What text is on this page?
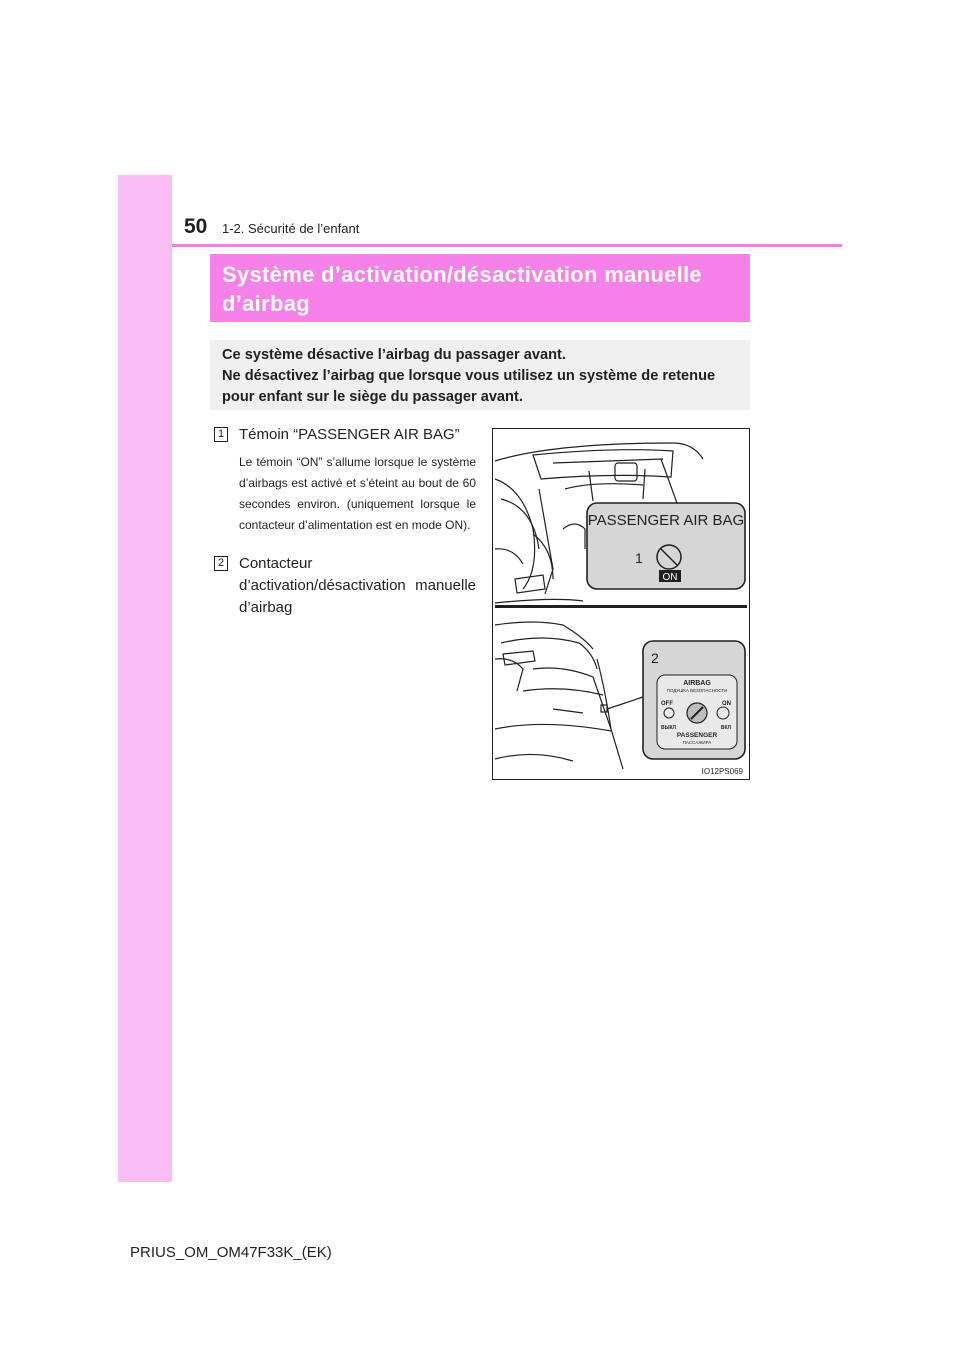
50 1-2. Sécurité de l’enfant
Système d’activation/désactivation manuelle
d’airbag
Ce système désactive l’airbag du passager avant.
Ne désactivez l’airbag que lorsque vous utilisez un système de retenue
pour enfant sur le siège du passager avant.
1 Témoin “PASSENGER AIR BAG”
Le témoin “ON” s’allume lorsque le système d’airbags est activé et s’éteint au bout de 60 secondes environ. (uniquement lorsque le contacteur d’alimentation est en mode ON).
2 Contacteur d’activation/désactivation manuelle d’airbag
PASSENGER AIR BAG
1
ON
2
AIRBAG
ПОДУШКА БЕЗОПАСНОСТИ
OFF	ON
ВЫКЛ	ВКЛ
PASSENGER
ПАССАЖИРА
IO12PS069
PRIUS_OM_OM47F33K_(EK)
